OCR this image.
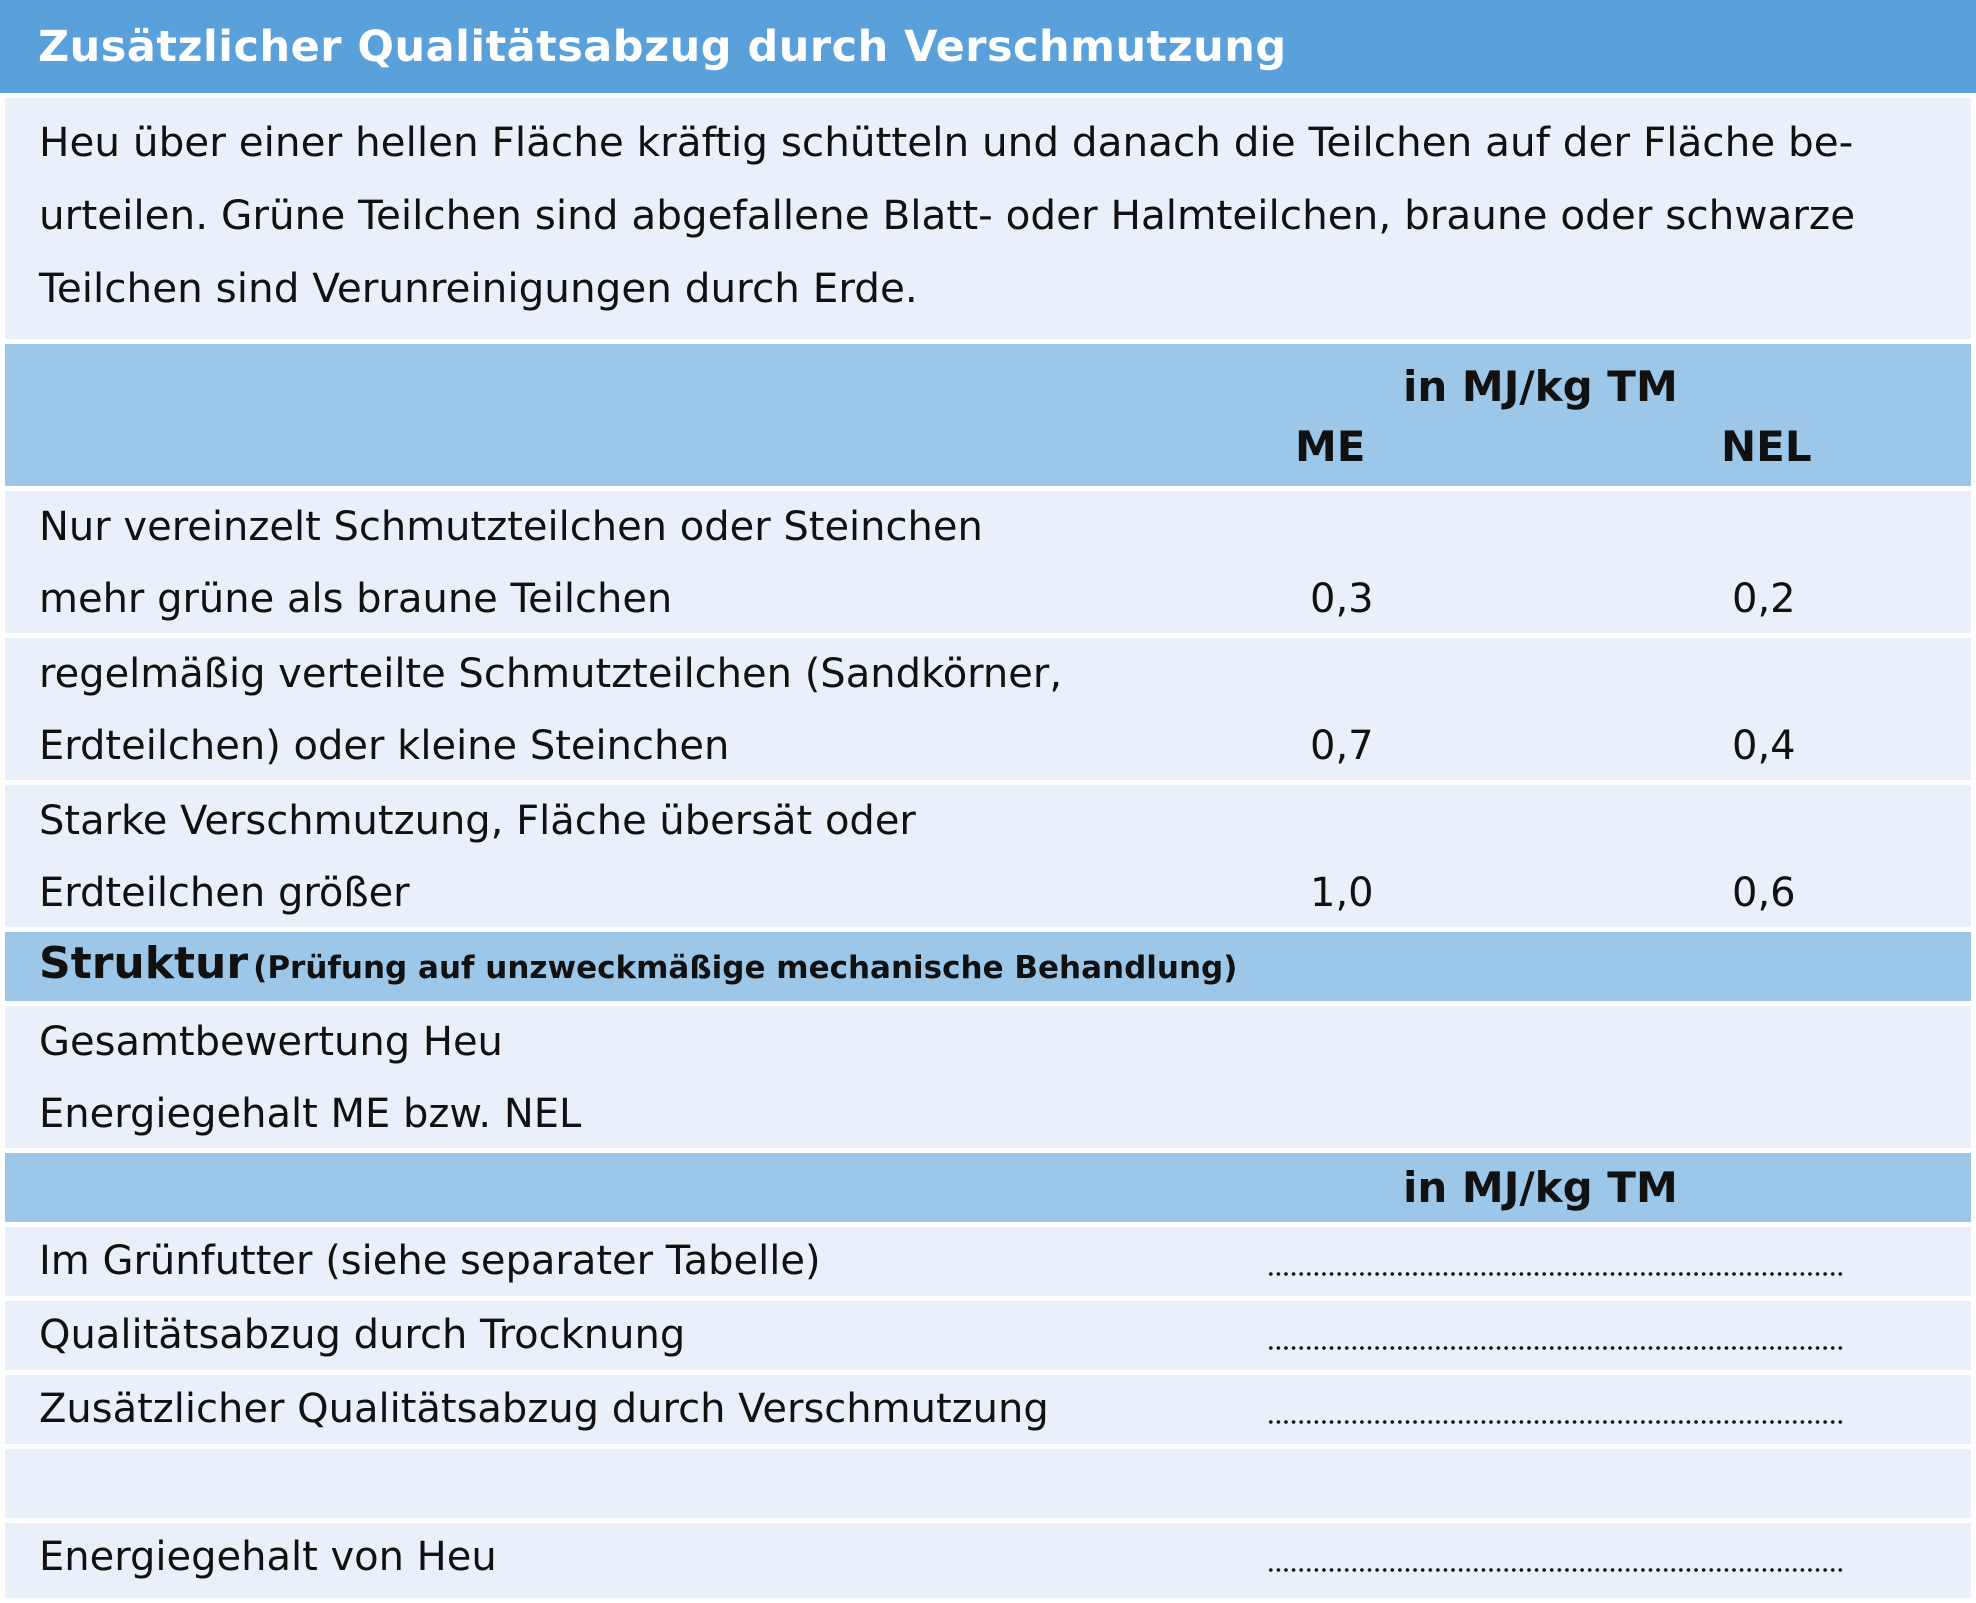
Zusätzlicher Qualitätsabzug durch Verschmutzung

Heu über einer hellen Fläche kräftig schütteln und danach die Teilchen auf der Fläche be-

urteilen. Grüne Teilchen sind abgefallene Blatt- oder Halmteilchen, braune oder schwarze

Teilchen sind Verunreinigungen durch Erde.

in MJ/kg TM
ME	NEL
Nur vereinzelt Schmutzteilchen oder Steinchen
mehr grüne als braune Teilchen	0,3	0,2
regelmäßig verteilte Schmutzteilchen (Sandkörner,
Erdteilchen) oder kleine Steinchen	0,7	0,4
Starke Verschmutzung, Fläche übersät oder
Erdteilchen größer	1,0	0,6
Struktur (Prüfung auf unzweckmäßige mechanische Behandlung)
Gesamtbewertung Heu
Energiegehalt ME bzw. NEL
in MJ/kg TM
Im Grünfutter (siehe separater Tabelle)
Qualitätsabzug durch Trocknung
Zusätzlicher Qualitätsabzug durch Verschmutzung
Energiegehalt von Heu
